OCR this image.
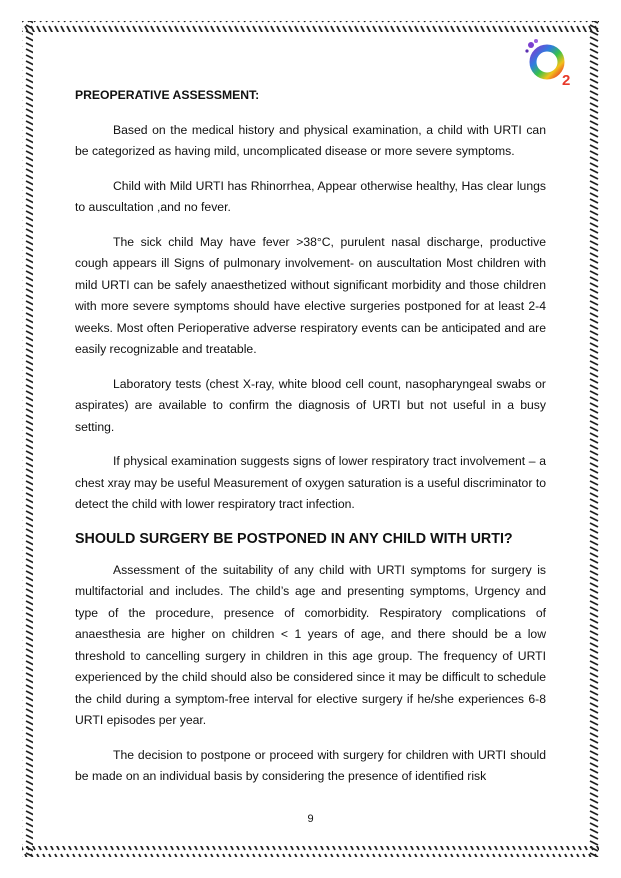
2
PREOPERATIVE ASSESSMENT:

Based on the medical history and physical examination, a child with URTI can be categorized as having mild, uncomplicated disease or more severe symptoms.

Child with Mild URTI has Rhinorrhea, Appear otherwise healthy, Has clear lungs to auscultation ,and no fever.

The sick child May have fever >38°C, purulent nasal discharge, productive cough appears ill Signs of pulmonary involvement- on auscultation Most children with mild URTI can be safely anaesthetized without significant morbidity and those children with more severe symptoms should have elective surgeries postponed for at least 2-4 weeks. Most often Perioperative adverse respiratory events can be anticipated and are easily recognizable and treatable.

Laboratory tests (chest X-ray, white blood cell count, nasopharyngeal swabs or aspirates) are available to confirm the diagnosis of URTI but not useful in a busy setting.

If physical examination suggests signs of lower respiratory tract involvement – a chest xray may be useful Measurement of oxygen saturation is a useful discriminator to detect the child with lower respiratory tract infection.

SHOULD SURGERY BE POSTPONED IN ANY CHILD WITH URTI?

Assessment of the suitability of any child with URTI symptoms for surgery is multifactorial and includes. The child’s age and presenting symptoms, Urgency and type of the procedure, presence of comorbidity. Respiratory complications of anaesthesia are higher on children < 1 years of age, and there should be a low threshold to cancelling surgery in children in this age group. The frequency of URTI experienced by the child should also be considered since it may be difficult to schedule the child during a symptom-free interval for elective surgery if he/she experiences 6-8 URTI episodes per year.

The decision to postpone or proceed with surgery for children with URTI should be made on an individual basis by considering the presence of identified risk

9
